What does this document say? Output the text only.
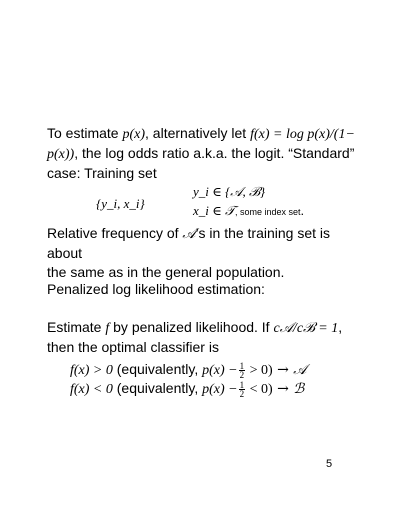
To estimate p(x), alternatively let f(x) = log p(x)/(1−
p(x)), the log odds ratio a.k.a. the logit. “Standard”
case: Training set
{y_i, x_i}
y_i ∈ {𝒜, ℬ}
x_i ∈ 𝒯, some index set.
Relative frequency of 𝒜’s in the training set is about
the same as in the general population.
Penalized log likelihood estimation:
Estimate f by penalized likelihood. If c𝒜/cℬ = 1,
then the optimal classifier is
f(x) > 0 (equivalently, $p(x) - \frac{1}{2} > 0$) → 𝒜
f(x) < 0 (equivalently, $p(x) - \frac{1}{2} < 0$) → ℬ
5
